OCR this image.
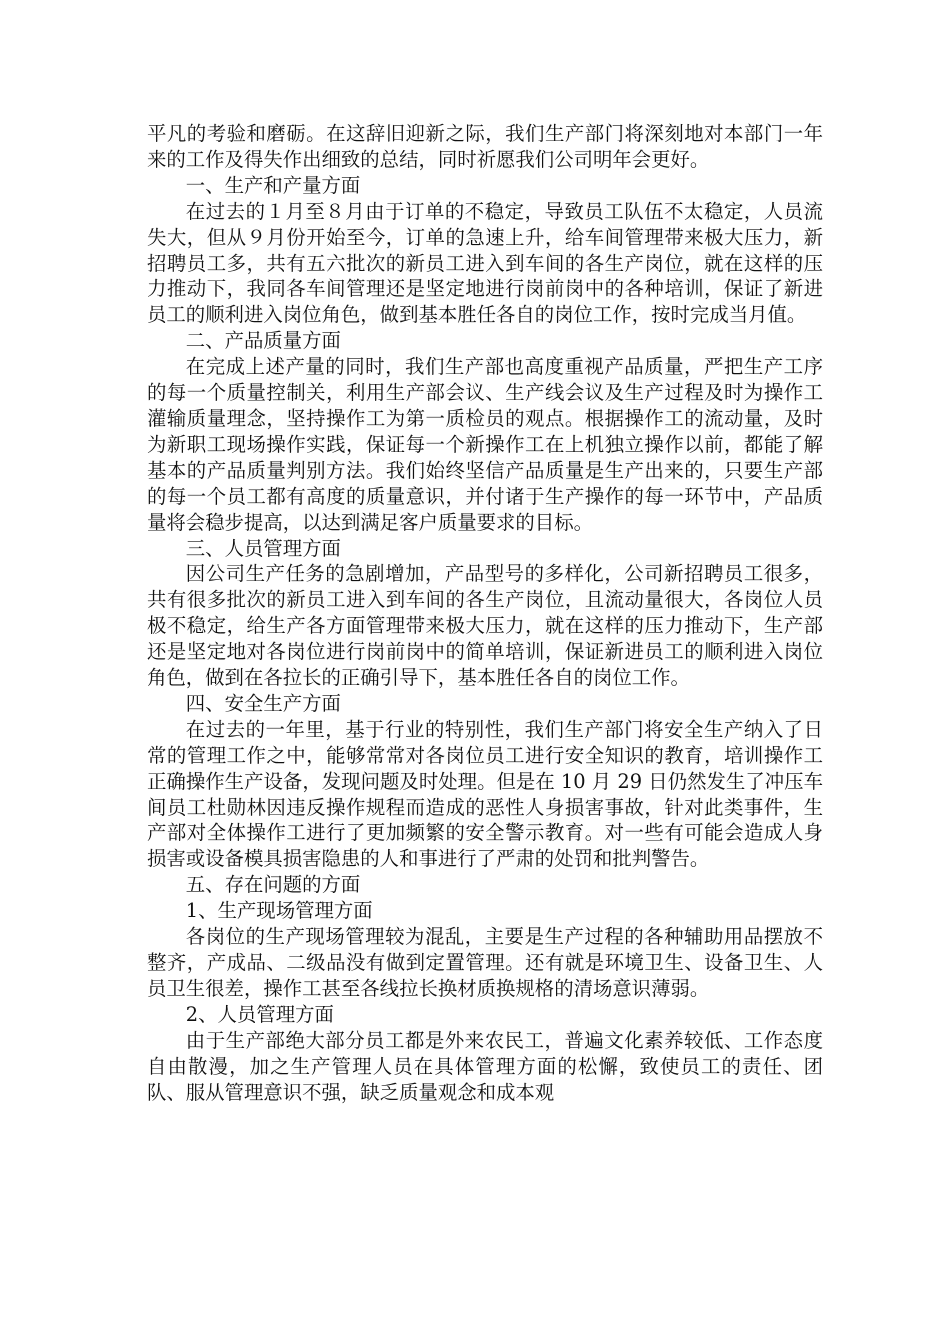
平凡的考验和磨砺。在这辞旧迎新之际，我们生产部门将深刻地对本部门一年来的工作及得失作出细致的总结，同时祈愿我们公司明年会更好。

一、生产和产量方面

在过去的１月至８月由于订单的不稳定，导致员工队伍不太稳定，人员流失大，但从９月份开始至今，订单的急速上升，给车间管理带来极大压力，新招聘员工多，共有五六批次的新员工进入到车间的各生产岗位，就在这样的压力推动下，我同各车间管理还是坚定地进行岗前岗中的各种培训，保证了新进员工的顺利进入岗位角色，做到基本胜任各自的岗位工作，按时完成当月值。

二、产品质量方面

在完成上述产量的同时，我们生产部也高度重视产品质量，严把生产工序的每一个质量控制关，利用生产部会议、生产线会议及生产过程及时为操作工灌输质量理念，坚持操作工为第一质检员的观点。根据操作工的流动量，及时为新职工现场操作实践，保证每一个新操作工在上机独立操作以前，都能了解基本的产品质量判别方法。我们始终坚信产品质量是生产出来的，只要生产部的每一个员工都有高度的质量意识，并付诸于生产操作的每一环节中，产品质量将会稳步提高，以达到满足客户质量要求的目标。

三、人员管理方面

因公司生产任务的急剧增加，产品型号的多样化，公司新招聘员工很多，共有很多批次的新员工进入到车间的各生产岗位，且流动量很大，各岗位人员极不稳定，给生产各方面管理带来极大压力，就在这样的压力推动下，生产部还是坚定地对各岗位进行岗前岗中的简单培训，保证新进员工的顺利进入岗位角色，做到在各拉长的正确引导下，基本胜任各自的岗位工作。

四、安全生产方面

在过去的一年里，基于行业的特别性，我们生产部门将安全生产纳入了日常的管理工作之中，能够常常对各岗位员工进行安全知识的教育，培训操作工正确操作生产设备，发现问题及时处理。但是在 10 月 29 日仍然发生了冲压车间员工杜勋林因违反操作规程而造成的恶性人身损害事故，针对此类事件，生产部对全体操作工进行了更加频繁的安全警示教育。对一些有可能会造成人身损害或设备模具损害隐患的人和事进行了严肃的处罚和批判警告。

五、存在问题的方面

1、生产现场管理方面

各岗位的生产现场管理较为混乱，主要是生产过程的各种辅助用品摆放不整齐，产成品、二级品没有做到定置管理。还有就是环境卫生、设备卫生、人员卫生很差，操作工甚至各线拉长换材质换规格的清场意识薄弱。

2、人员管理方面

由于生产部绝大部分员工都是外来农民工，普遍文化素养较低、工作态度自由散漫，加之生产管理人员在具体管理方面的松懈，致使员工的责任、团队、服从管理意识不强，缺乏质量观念和成本观
